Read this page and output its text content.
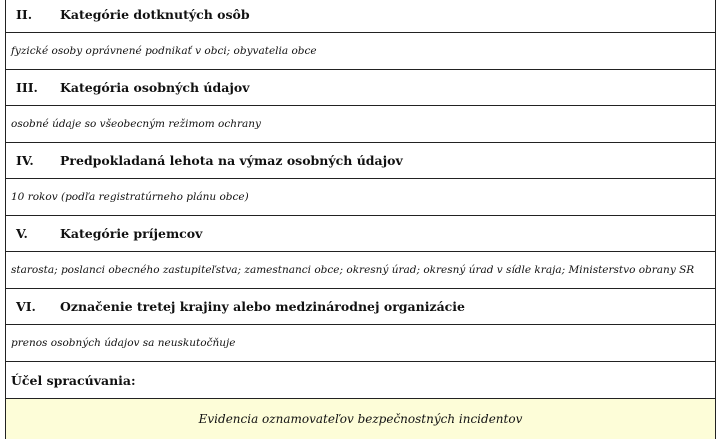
II.	Kategórie dotknutých osôb
fyzické osoby oprávnené podnikať v obci; obyvatelia obce
III.	Kategória osobných údajov
osobné údaje so všeobecným režimom ochrany
IV.	Predpokladaná lehota na výmaz osobných údajov
10 rokov (podľa registratúrneho plánu obce)
V.	Kategórie príjemcov
starosta; poslanci obecného zastupiteľstva; zamestnanci obce; okresný úrad; okresný úrad v sídle kraja; Ministerstvo obrany SR
VI.	Označenie tretej krajiny alebo medzinárodnej organizácie
prenos osobných údajov sa neuskutočňuje
Účel spracúvania:
Evidencia oznamovateľov bezpečnostných incidentov
